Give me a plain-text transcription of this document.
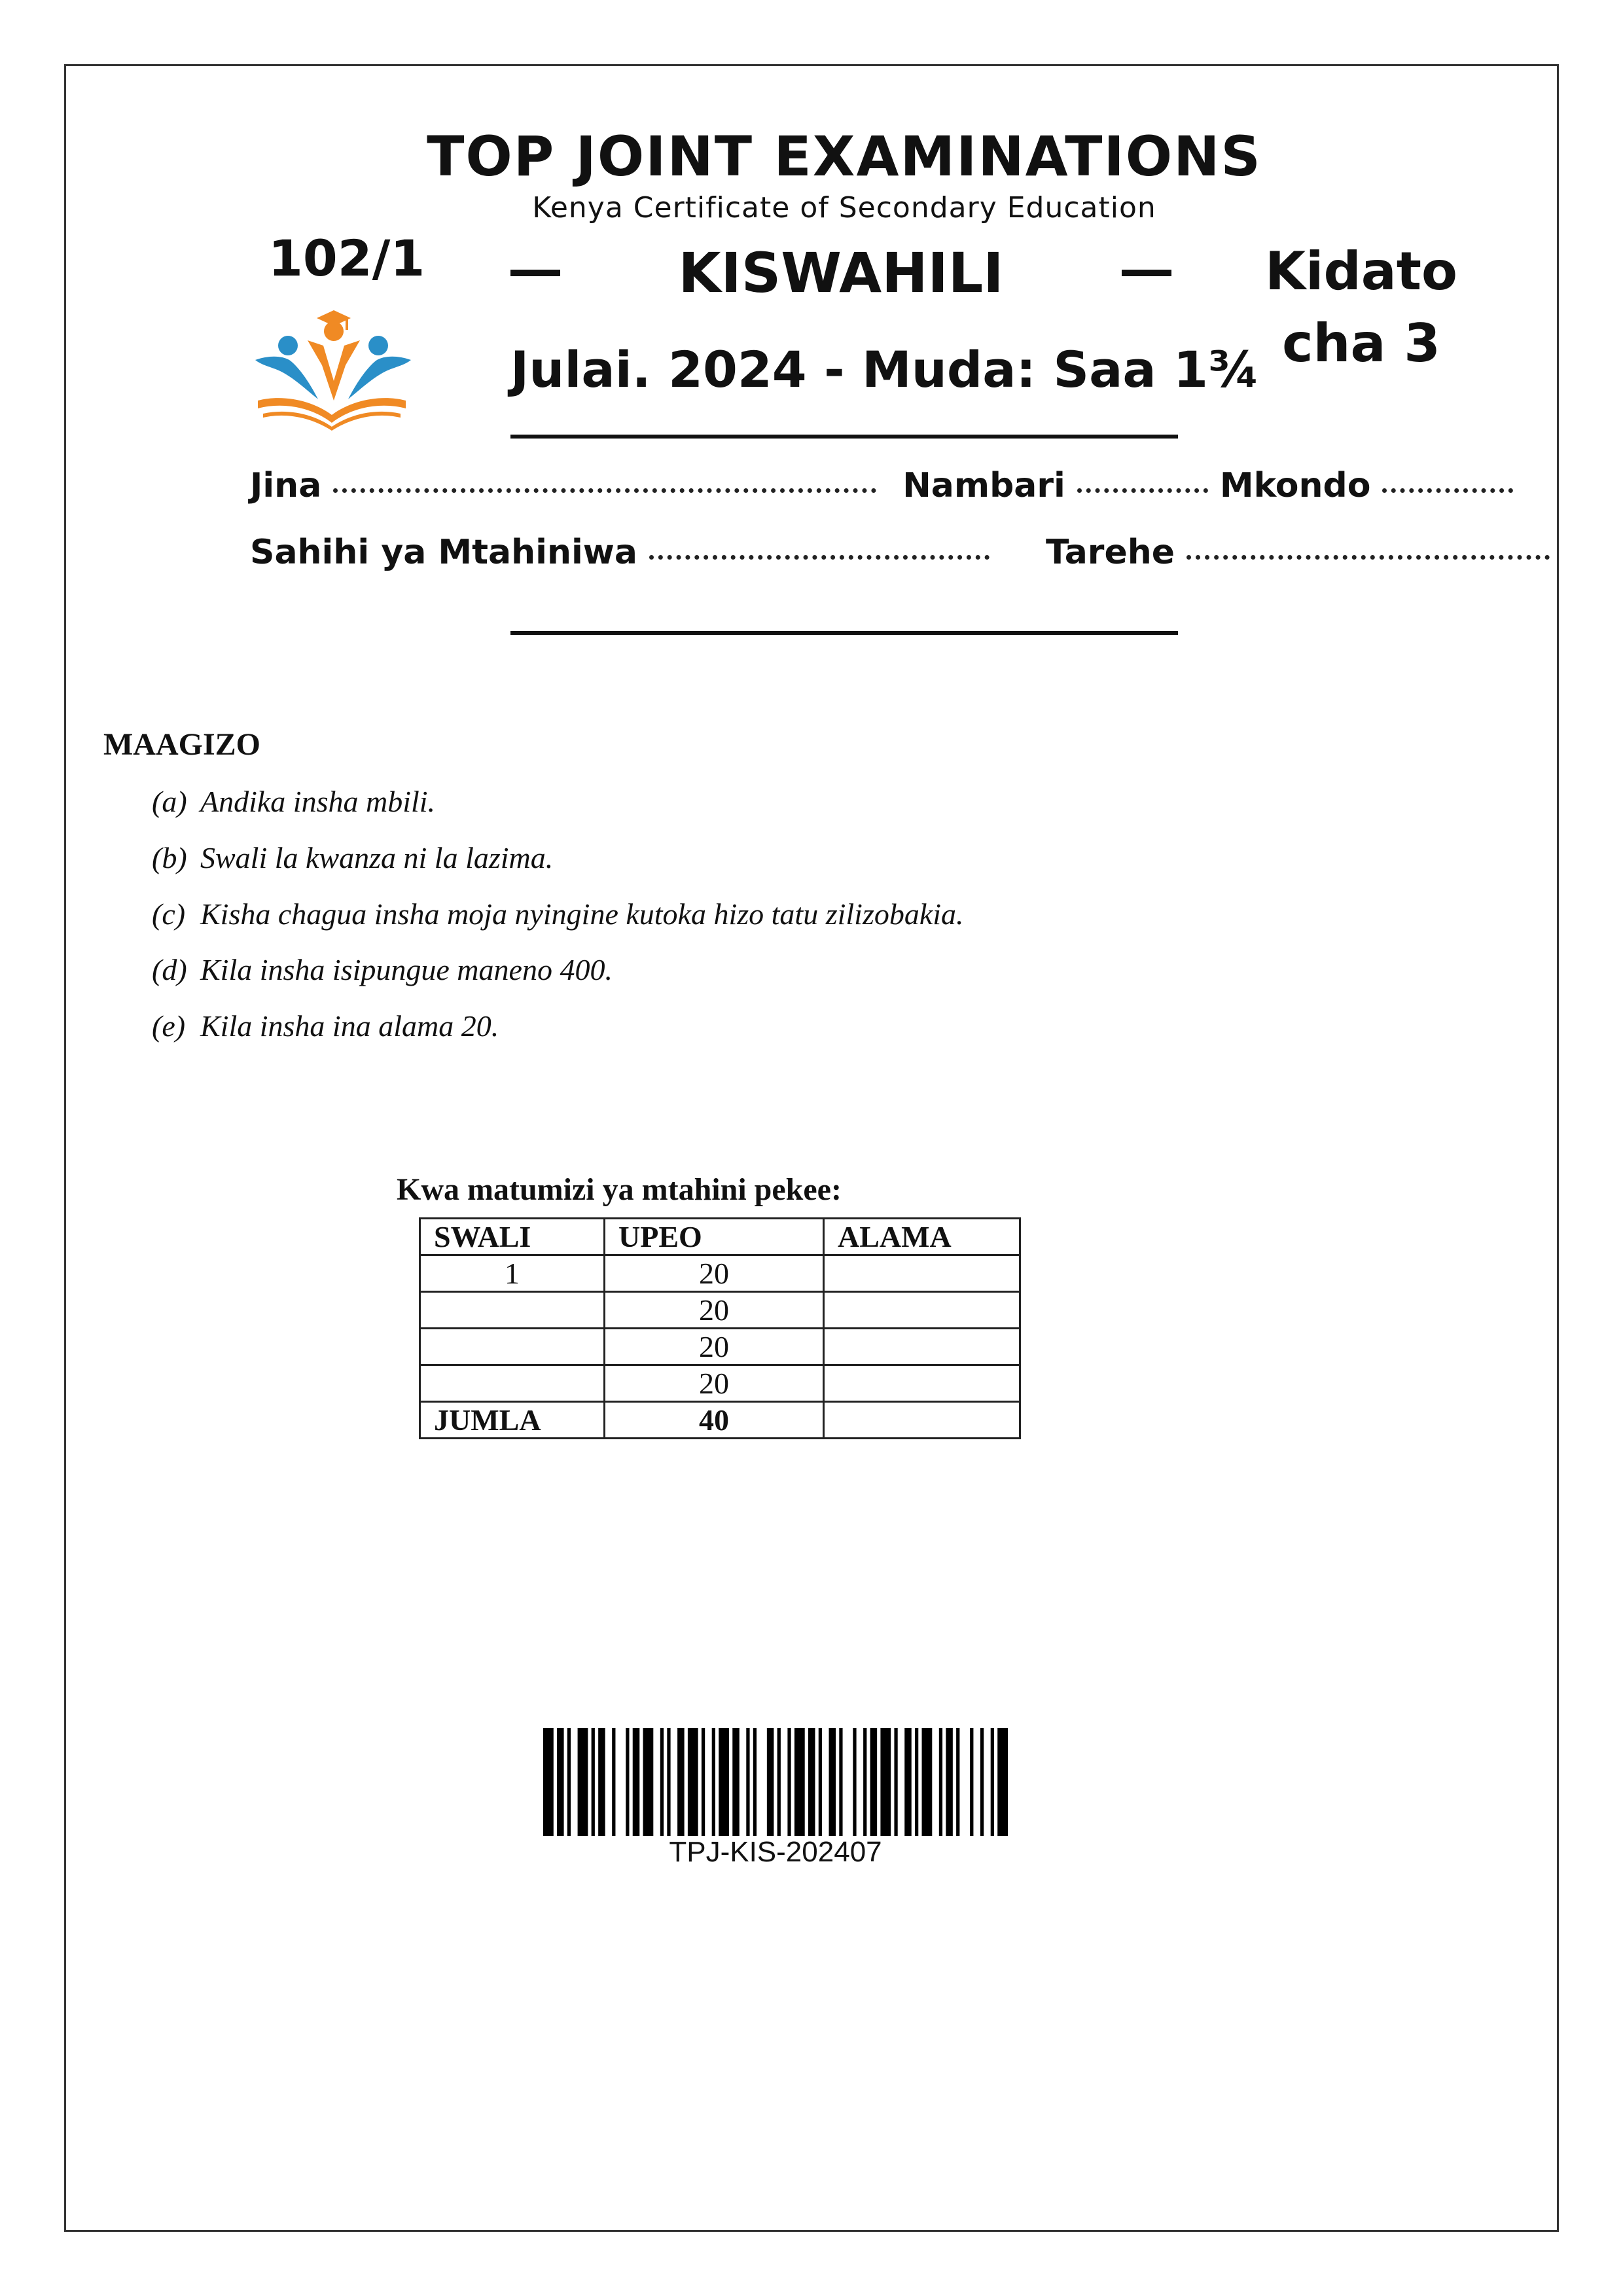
TOP JOINT EXAMINATIONS
Kenya Certificate of Secondary Education
102/1	KISWAHILI	Kidato cha 3
Julai. 2024 - Muda: Saa 1¾
Jina	Nambari	Mkondo
Sahihi ya Mtahiniwa	Tarehe
MAAGIZO
(a) Andika insha mbili.
(b) Swali la kwanza ni la lazima.
(c) Kisha chagua insha moja nyingine kutoka hizo tatu zilizobakia.
(d) Kila insha isipungue maneno 400.
(e) Kila insha ina alama 20.
Kwa matumizi ya mtahini pekee:
SWALI	UPEO	ALAMA
1	20	
	20	
	20	
	20	
JUMLA	40	
TPJ-KIS-202407
